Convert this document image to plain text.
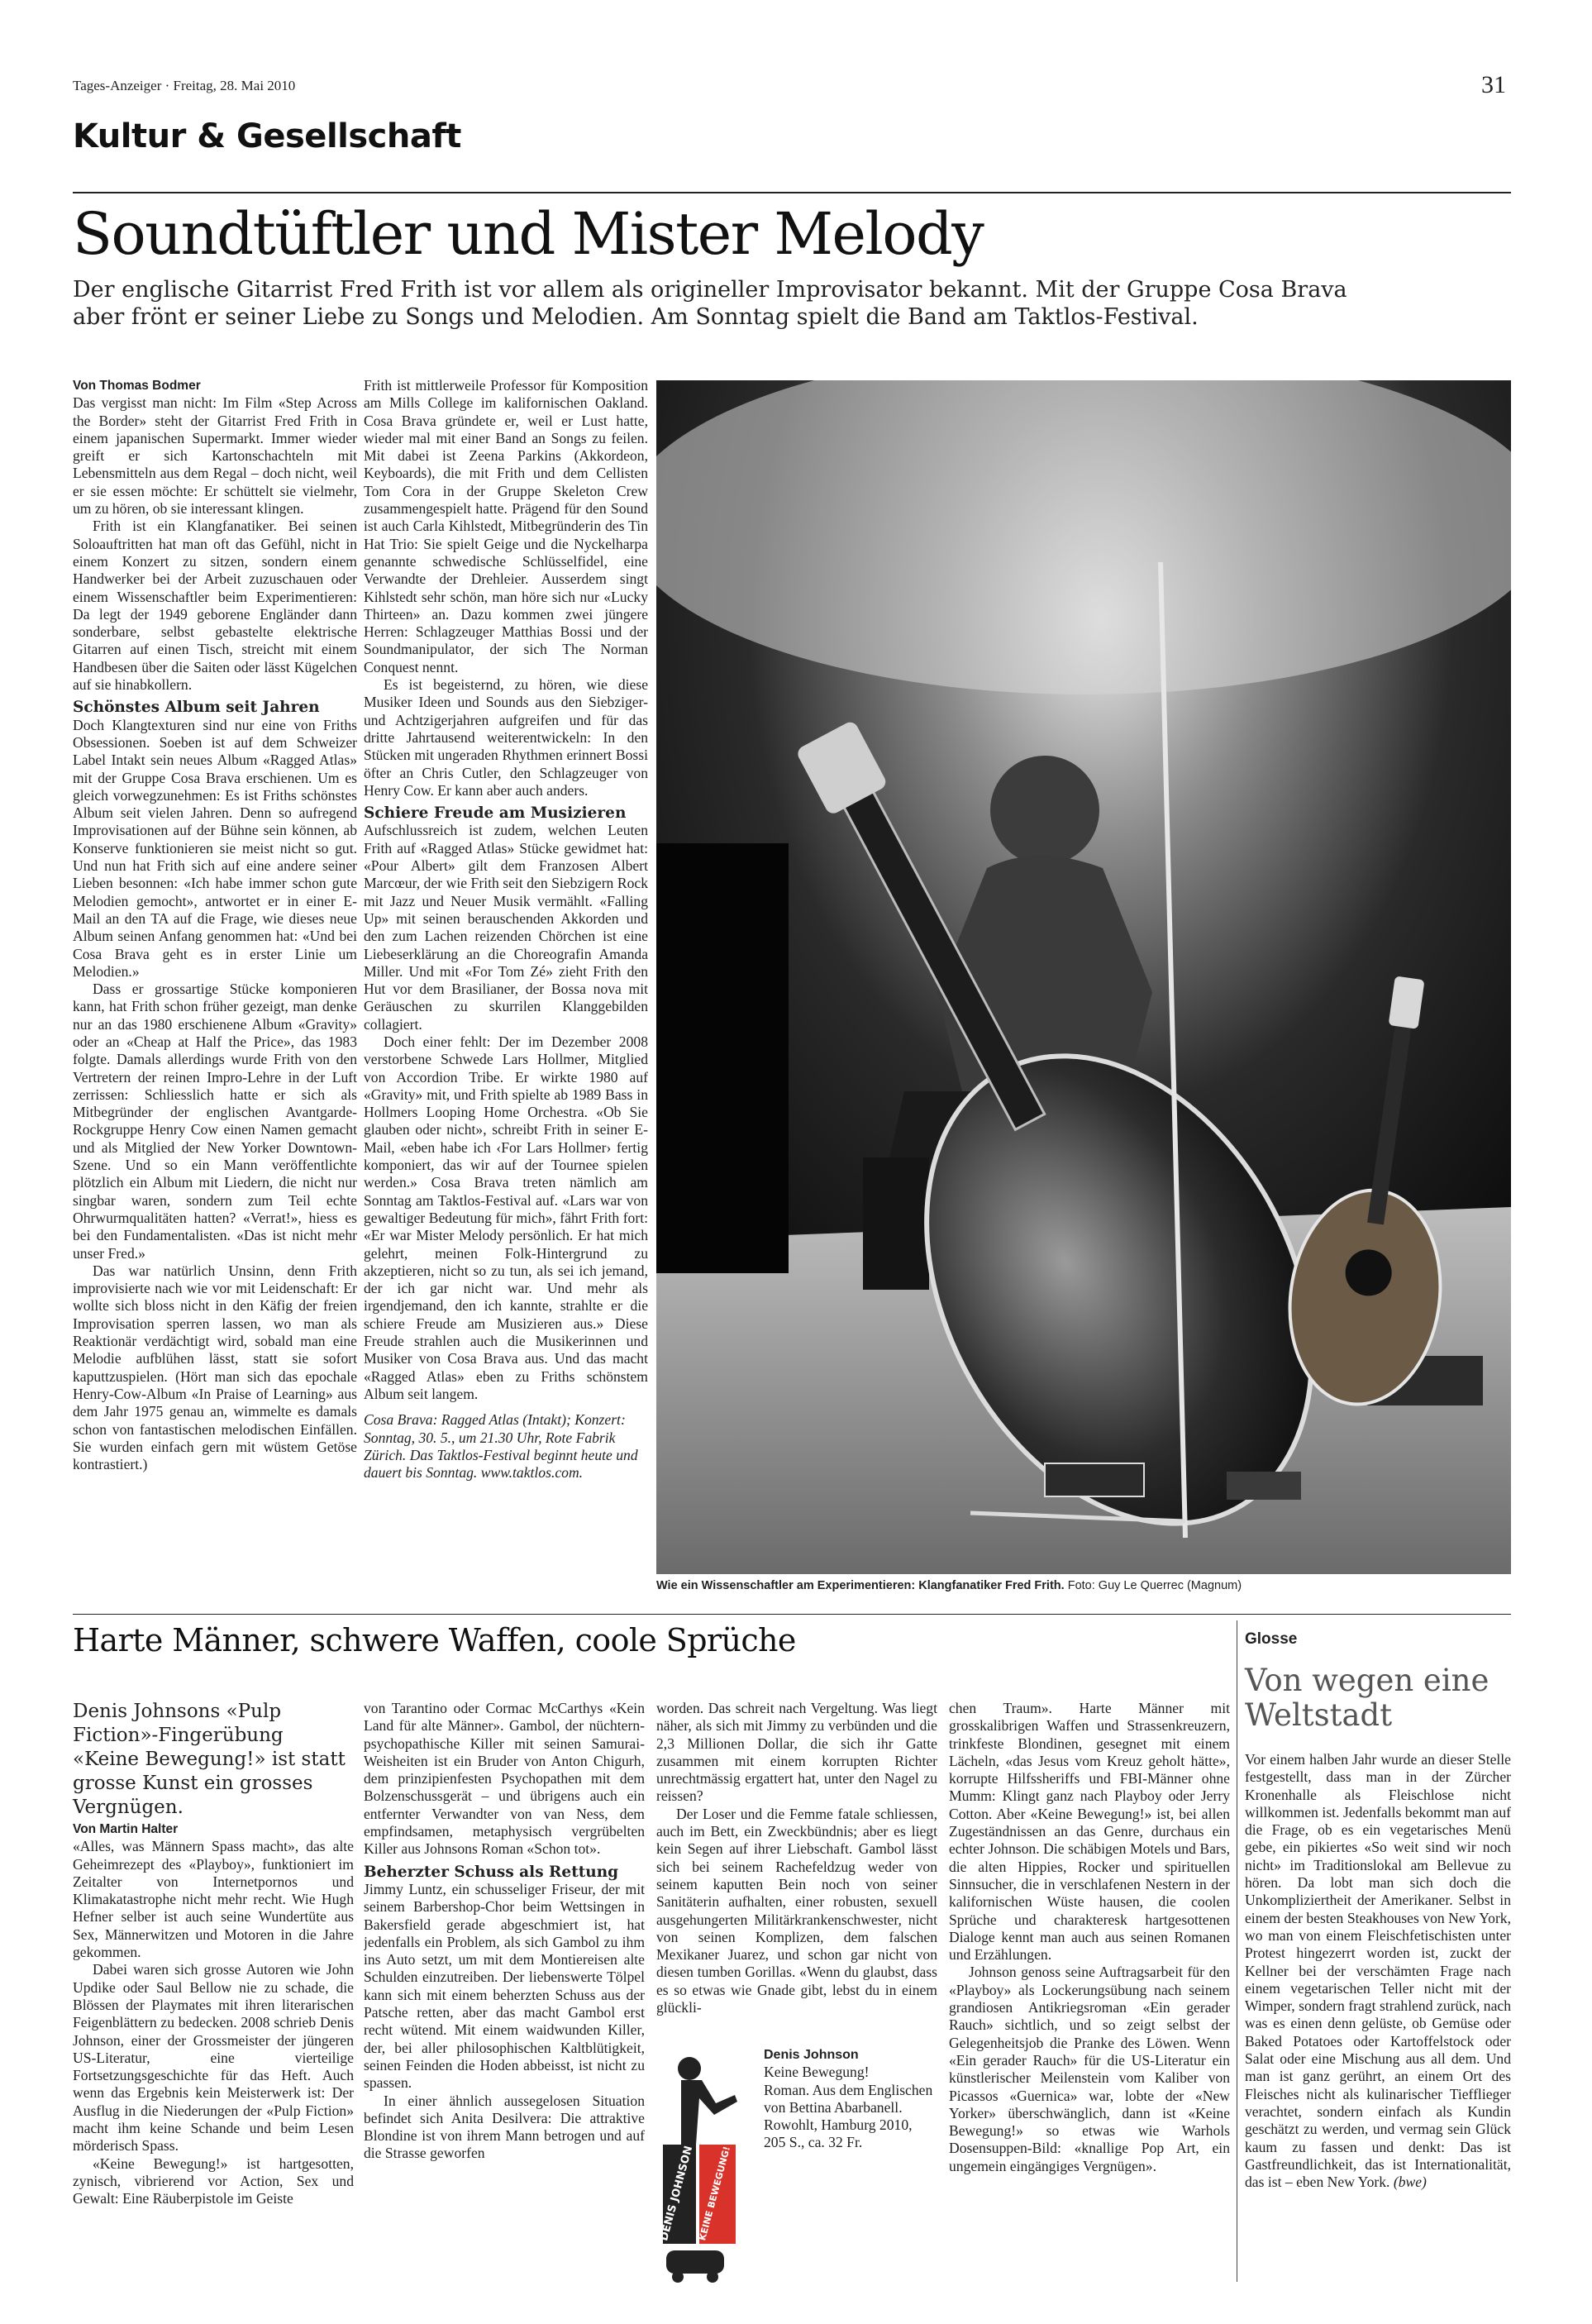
Tages-Anzeiger · Freitag, 28. Mai 2010	31
Kultur & Gesellschaft
Soundtüftler und Mister Melody
Der englische Gitarrist Fred Frith ist vor allem als origineller Improvisator bekannt. Mit der Gruppe Cosa Brava aber frönt er seiner Liebe zu Songs und Melodien. Am Sonntag spielt die Band am Taktlos-Festival.

Von Thomas Bodmer

Das vergisst man nicht: Im Film «Step Across the Border» steht der Gitarrist Fred Frith in einem japanischen Supermarkt. Immer wieder greift er sich Kartonschachteln mit Lebensmitteln aus dem Regal – doch nicht, weil er sie essen möchte: Er schüttelt sie vielmehr, um zu hören, ob sie interessant klingen.

Frith ist ein Klangfanatiker. Bei seinen Soloauftritten hat man oft das Gefühl, nicht in einem Konzert zu sitzen, sondern einem Handwerker bei der Arbeit zuzuschauen oder einem Wissenschaftler beim Experimentieren: Da legt der 1949 geborene Engländer dann sonderbare, selbst gebastelte elektrische Gitarren auf einen Tisch, streicht mit einem Handbesen über die Saiten oder lässt Kügelchen auf sie hinabkollern.

Schönstes Album seit Jahren

Doch Klangtexturen sind nur eine von Friths Obsessionen. Soeben ist auf dem Schweizer Label Intakt sein neues Album «Ragged Atlas» mit der Gruppe Cosa Brava erschienen. Um es gleich vorwegzunehmen: Es ist Friths schönstes Album seit vielen Jahren. Denn so aufregend Improvisationen auf der Bühne sein können, ab Konserve funktionieren sie meist nicht so gut. Und nun hat Frith sich auf eine andere seiner Lieben besonnen: «Ich habe immer schon gute Melodien gemocht», antwortet er in einer E-Mail an den TA auf die Frage, wie dieses neue Album seinen Anfang genommen hat: «Und bei Cosa Brava geht es in erster Linie um Melodien.»

Dass er grossartige Stücke komponieren kann, hat Frith schon früher gezeigt, man denke nur an das 1980 erschienene Album «Gravity» oder an «Cheap at Half the Price», das 1983 folgte. Damals allerdings wurde Frith von den Vertretern der reinen Impro-Lehre in der Luft zerrissen: Schliesslich hatte er sich als Mitbegründer der englischen Avantgarde-Rockgruppe Henry Cow einen Namen gemacht und als Mitglied der New Yorker Downtown-Szene. Und so ein Mann veröffentlichte plötzlich ein Album mit Liedern, die nicht nur singbar waren, sondern zum Teil echte Ohrwurmqualitäten hatten? «Verrat!», hiess es bei den Fundamentalisten. «Das ist nicht mehr unser Fred.»

Das war natürlich Unsinn, denn Frith improvisierte nach wie vor mit Leidenschaft: Er wollte sich bloss nicht in den Käfig der freien Improvisation sperren lassen, wo man als Reaktionär verdächtigt wird, sobald man eine Melodie aufblühen lässt, statt sie sofort kaputtzuspielen. (Hört man sich das epochale Henry-Cow-Album «In Praise of Learning» aus dem Jahr 1975 genau an, wimmelte es damals schon von fantastischen melodischen Einfällen. Sie wurden einfach gern mit wüstem Getöse kontrastiert.)

Frith ist mittlerweile Professor für Komposition am Mills College im kalifornischen Oakland. Cosa Brava gründete er, weil er Lust hatte, wieder mal mit einer Band an Songs zu feilen. Mit dabei ist Zeena Parkins (Akkordeon, Keyboards), die mit Frith und dem Cellisten Tom Cora in der Gruppe Skeleton Crew zusammengespielt hatte. Prägend für den Sound ist auch Carla Kihlstedt, Mitbegründerin des Tin Hat Trio: Sie spielt Geige und die Nyckelharpa genannte schwedische Schlüsselfidel, eine Verwandte der Drehleier. Ausserdem singt Kihlstedt sehr schön, man höre sich nur «Lucky Thirteen» an. Dazu kommen zwei jüngere Herren: Schlagzeuger Matthias Bossi und der Soundmanipulator, der sich The Norman Conquest nennt.

Es ist begeisternd, zu hören, wie diese Musiker Ideen und Sounds aus den Siebziger- und Achtzigerjahren aufgreifen und für das dritte Jahrtausend weiterentwickeln: In den Stücken mit ungeraden Rhythmen erinnert Bossi öfter an Chris Cutler, den Schlagzeuger von Henry Cow. Er kann aber auch anders.

Schiere Freude am Musizieren

Aufschlussreich ist zudem, welchen Leuten Frith auf «Ragged Atlas» Stücke gewidmet hat: «Pour Albert» gilt dem Franzosen Albert Marcœur, der wie Frith seit den Siebzigern Rock mit Jazz und Neuer Musik vermählt. «Falling Up» mit seinen berauschenden Akkorden und den zum Lachen reizenden Chörchen ist eine Liebeserklärung an die Choreografin Amanda Miller. Und mit «For Tom Zé» zieht Frith den Hut vor dem Brasilianer, der Bossa nova mit Geräuschen zu skurrilen Klanggebilden collagiert.

Doch einer fehlt: Der im Dezember 2008 verstorbene Schwede Lars Hollmer, Mitglied von Accordion Tribe. Er wirkte 1980 auf «Gravity» mit, und Frith spielte ab 1989 Bass in Hollmers Looping Home Orchestra. «Ob Sie glauben oder nicht», schreibt Frith in seiner E-Mail, «eben habe ich ‹For Lars Hollmer› fertig komponiert, das wir auf der Tournee spielen werden.» Cosa Brava treten nämlich am Sonntag am Taktlos-Festival auf. «Lars war von gewaltiger Bedeutung für mich», fährt Frith fort: «Er war Mister Melody persönlich. Er hat mich gelehrt, meinen Folk-Hintergrund zu akzeptieren, nicht so zu tun, als sei ich jemand, der ich gar nicht war. Und mehr als irgendjemand, den ich kannte, strahlte er die schiere Freude am Musizieren aus.» Diese Freude strahlen auch die Musikerinnen und Musiker von Cosa Brava aus. Und das macht «Ragged Atlas» eben zu Friths schönstem Album seit langem.

Cosa Brava: Ragged Atlas (Intakt); Konzert: Sonntag, 30. 5., um 21.30 Uhr, Rote Fabrik Zürich. Das Taktlos-Festival beginnt heute und dauert bis Sonntag. www.taktlos.com.

Wie ein Wissenschaftler am Experimentieren: Klangfanatiker Fred Frith. Foto: Guy Le Querrec (Magnum)
Harte Männer, schwere Waffen, coole Sprüche
Denis Johnsons «Pulp Fiction»-Fingerübung «Keine Bewegung!» ist statt grosse Kunst ein grosses Vergnügen.

Von Martin Halter

«Alles, was Männern Spass macht», das alte Geheimrezept des «Playboy», funktioniert im Zeitalter von Internetpornos und Klimakatastrophe nicht mehr recht. Wie Hugh Hefner selber ist auch seine Wundertüte aus Sex, Männerwitzen und Motoren in die Jahre gekommen.

Dabei waren sich grosse Autoren wie John Updike oder Saul Bellow nie zu schade, die Blössen der Playmates mit ihren literarischen Feigenblättern zu bedecken. 2008 schrieb Denis Johnson, einer der Grossmeister der jüngeren US-Literatur, eine vierteilige Fortsetzungsgeschichte für das Heft. Auch wenn das Ergebnis kein Meisterwerk ist: Der Ausflug in die Niederungen der «Pulp Fiction» macht ihm keine Schande und beim Lesen mörderisch Spass.

«Keine Bewegung!» ist hartgesotten, zynisch, vibrierend vor Action, Sex und Gewalt: Eine Räuberpistole im Geiste

von Tarantino oder Cormac McCarthys «Kein Land für alte Männer». Gambol, der nüchtern-psychopathische Killer mit seinen Samurai-Weisheiten ist ein Bruder von Anton Chigurh, dem prinzipienfesten Psychopathen mit dem Bolzenschussgerät – und übrigens auch ein entfernter Verwandter von van Ness, dem empfindsamen, metaphysisch vergrübelten Killer aus Johnsons Roman «Schon tot».

Beherzter Schuss als Rettung

Jimmy Luntz, ein schusseliger Friseur, der mit seinem Barbershop-Chor beim Wettsingen in Bakersfield gerade abgeschmiert ist, hat jedenfalls ein Problem, als sich Gambol zu ihm ins Auto setzt, um mit dem Montiereisen alte Schulden einzutreiben. Der liebenswerte Tölpel kann sich mit einem beherzten Schuss aus der Patsche retten, aber das macht Gambol erst recht wütend. Mit einem waidwunden Killer, der, bei aller philosophischen Kaltblütigkeit, seinen Feinden die Hoden abbeisst, ist nicht zu spassen.

In einer ähnlich aussegelosen Situation befindet sich Anita Desilvera: Die attraktive Blondine ist von ihrem Mann betrogen und auf die Strasse geworfen

worden. Das schreit nach Vergeltung. Was liegt näher, als sich mit Jimmy zu verbünden und die 2,3 Millionen Dollar, die sich ihr Gatte zusammen mit einem korrupten Richter unrechtmässig ergattert hat, unter den Nagel zu reissen?

Der Loser und die Femme fatale schliessen, auch im Bett, ein Zweckbündnis; aber es liegt kein Segen auf ihrer Liebschaft. Gambol lässt sich bei seinem Rachefeldzug weder von seinem kaputten Bein noch von seiner Sanitäterin aufhalten, einer robusten, sexuell ausgehungerten Militärkrankenschwester, nicht von seinen Komplizen, dem falschen Mexikaner Juarez, und schon gar nicht von diesen tumben Gorillas. «Wenn du glaubst, dass es so etwas wie Gnade gibt, lebst du in einem glückli-

DENIS JOHNSON KEINE BEWEGUNG!
Denis Johnson
Keine Bewegung!
Roman. Aus dem Englischen von Bettina Abarbanell. Rowohlt, Hamburg 2010, 205 S., ca. 32 Fr.

chen Traum». Harte Männer mit grosskalibrigen Waffen und Strassenkreuzern, trinkfeste Blondinen, gesegnet mit einem Lächeln, «das Jesus vom Kreuz geholt hätte», korrupte Hilfssheriffs und FBI-Männer ohne Mumm: Klingt ganz nach Playboy oder Jerry Cotton. Aber «Keine Bewegung!» ist, bei allen Zugeständnissen an das Genre, durchaus ein echter Johnson. Die schäbigen Motels und Bars, die alten Hippies, Rocker und spirituellen Sinnsucher, die in verschlafenen Nestern in der kalifornischen Wüste hausen, die coolen Sprüche und charakteresk hartgesottenen Dialoge kennt man auch aus seinen Romanen und Erzählungen.

Johnson genoss seine Auftragsarbeit für den «Playboy» als Lockerungsübung nach seinem grandiosen Antikriegsroman «Ein gerader Rauch» sichtlich, und so zeigt selbst der Gelegenheitsjob die Pranke des Löwen. Wenn «Ein gerader Rauch» für die US-Literatur ein künstlerischer Meilenstein vom Kaliber von Picassos «Guernica» war, lobte der «New Yorker» überschwänglich, dann ist «Keine Bewegung!» so etwas wie Warhols Dosensuppen-Bild: «knallige Pop Art, ein ungemein eingängiges Vergnügen».

Glosse
Von wegen eine Weltstadt

Vor einem halben Jahr wurde an dieser Stelle festgestellt, dass man in der Zürcher Kronenhalle als Fleischlose nicht willkommen ist. Jedenfalls bekommt man auf die Frage, ob es ein vegetarisches Menü gebe, ein pikiertes «So weit sind wir noch nicht» im Traditionslokal am Bellevue zu hören. Da lobt man sich doch die Unkompliziertheit der Amerikaner. Selbst in einem der besten Steakhouses von New York, wo man von einem Fleischfetischisten unter Protest hingezerrt worden ist, zuckt der Kellner bei der verschämten Frage nach einem vegetarischen Teller nicht mit der Wimper, sondern fragt strahlend zurück, nach was es einen denn gelüste, ob Gemüse oder Baked Potatoes oder Kartoffelstock oder Salat oder eine Mischung aus all dem. Und man ist ganz gerührt, an einem Ort des Fleisches nicht als kulinarischer Tiefflieger verachtet, sondern einfach als Kundin geschätzt zu werden, und vermag sein Glück kaum zu fassen und denkt: Das ist Gastfreundlichkeit, das ist Internationalität, das ist – eben New York. (bwe)
